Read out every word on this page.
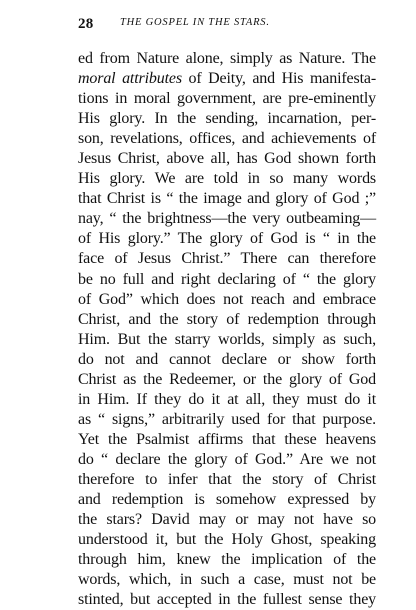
28	THE GOSPEL IN THE STARS.
ed from Nature alone, simply as Nature. The
moral attributes of Deity, and His manifesta-
tions in moral government, are pre-eminently
His glory. In the sending, incarnation, per-
son, revelations, offices, and achievements of
Jesus Christ, above all, has God shown forth
His glory. We are told in so many words
that Christ is “ the image and glory of God ;”
nay, “ the brightness—the very outbeaming—
of His glory.” The glory of God is “ in the
face of Jesus Christ.” There can therefore
be no full and right declaring of “ the glory
of God” which does not reach and embrace
Christ, and the story of redemption through
Him. But the starry worlds, simply as such,
do not and cannot declare or show forth
Christ as the Redeemer, or the glory of God
in Him. If they do it at all, they must do it
as “ signs,” arbitrarily used for that purpose.
Yet the Psalmist affirms that these heavens
do “ declare the glory of God.” Are we not
therefore to infer that the story of Christ
and redemption is somehow expressed by
the stars? David may or may not have so
understood it, but the Holy Ghost, speaking
through him, knew the implication of the
words, which, in such a case, must not be
stinted, but accepted in the fullest sense they
